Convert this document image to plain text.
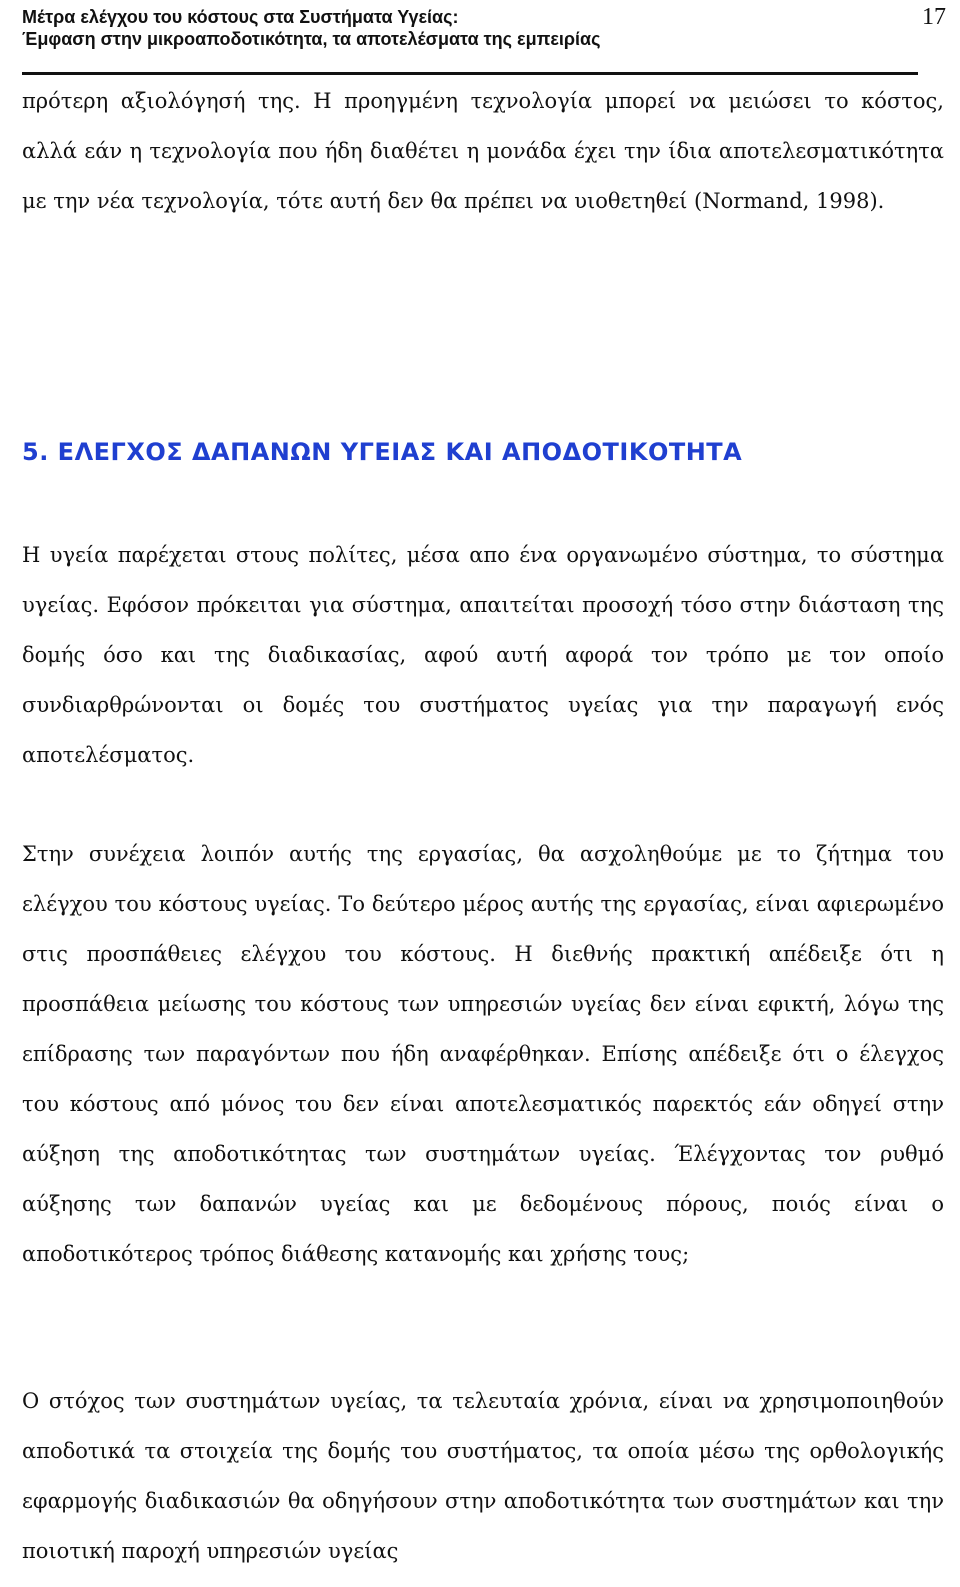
Μέτρα ελέγχου του κόστους στα Συστήματα Υγείας:
Έμφαση στην μικροαποδοτικότητα, τα αποτελέσματα της εμπειρίας
17

πρότερη αξιολόγησή της. Η προηγμένη τεχνολογία μπορεί να μειώσει το κόστος, αλλά εάν η τεχνολογία που ήδη διαθέτει η μονάδα έχει την ίδια αποτελεσματικότητα με την νέα τεχνολογία, τότε αυτή δεν θα πρέπει να υιοθετηθεί (Normand, 1998).

5. ΕΛΕΓΧΟΣ ΔΑΠΑΝΩΝ ΥΓΕΙΑΣ ΚΑΙ ΑΠΟΔΟΤΙΚΟΤΗΤΑ

Η υγεία παρέχεται στους πολίτες, μέσα απο ένα οργανωμένο σύστημα, το σύστημα υγείας. Εφόσον πρόκειται για σύστημα, απαιτείται προσοχή τόσο στην διάσταση της δομής όσο και της διαδικασίας, αφού αυτή αφορά τον τρόπο με τον οποίο συνδιαρθρώνονται οι δομές του συστήματος υγείας για την παραγωγή ενός αποτελέσματος.

Στην συνέχεια λοιπόν αυτής της εργασίας, θα ασχοληθούμε με το ζήτημα του ελέγχου του κόστους υγείας. Το δεύτερο μέρος αυτής της εργασίας, είναι αφιερωμένο στις προσπάθειες ελέγχου του κόστους. Η διεθνής πρακτική απέδειξε ότι η προσπάθεια μείωσης του κόστους των υπηρεσιών υγείας δεν είναι εφικτή, λόγω της επίδρασης των παραγόντων που ήδη αναφέρθηκαν. Επίσης απέδειξε ότι ο έλεγχος του κόστους από μόνος του δεν είναι αποτελεσματικός παρεκτός εάν οδηγεί στην αύξηση της αποδοτικότητας των συστημάτων υγείας. Έλέγχοντας τον ρυθμό αύξησης των δαπανών υγείας και με δεδομένους πόρους, ποιός είναι ο αποδοτικότερος τρόπος διάθεσης κατανομής και χρήσης τους;

Ο στόχος των συστημάτων υγείας, τα τελευταία χρόνια, είναι να χρησιμοποιηθούν αποδοτικά τα στοιχεία της δομής του συστήματος, τα οποία μέσω της ορθολογικής εφαρμογής διαδικασιών θα οδηγήσουν στην αποδοτικότητα των συστημάτων και την ποιοτική παροχή υπηρεσιών υγείας
